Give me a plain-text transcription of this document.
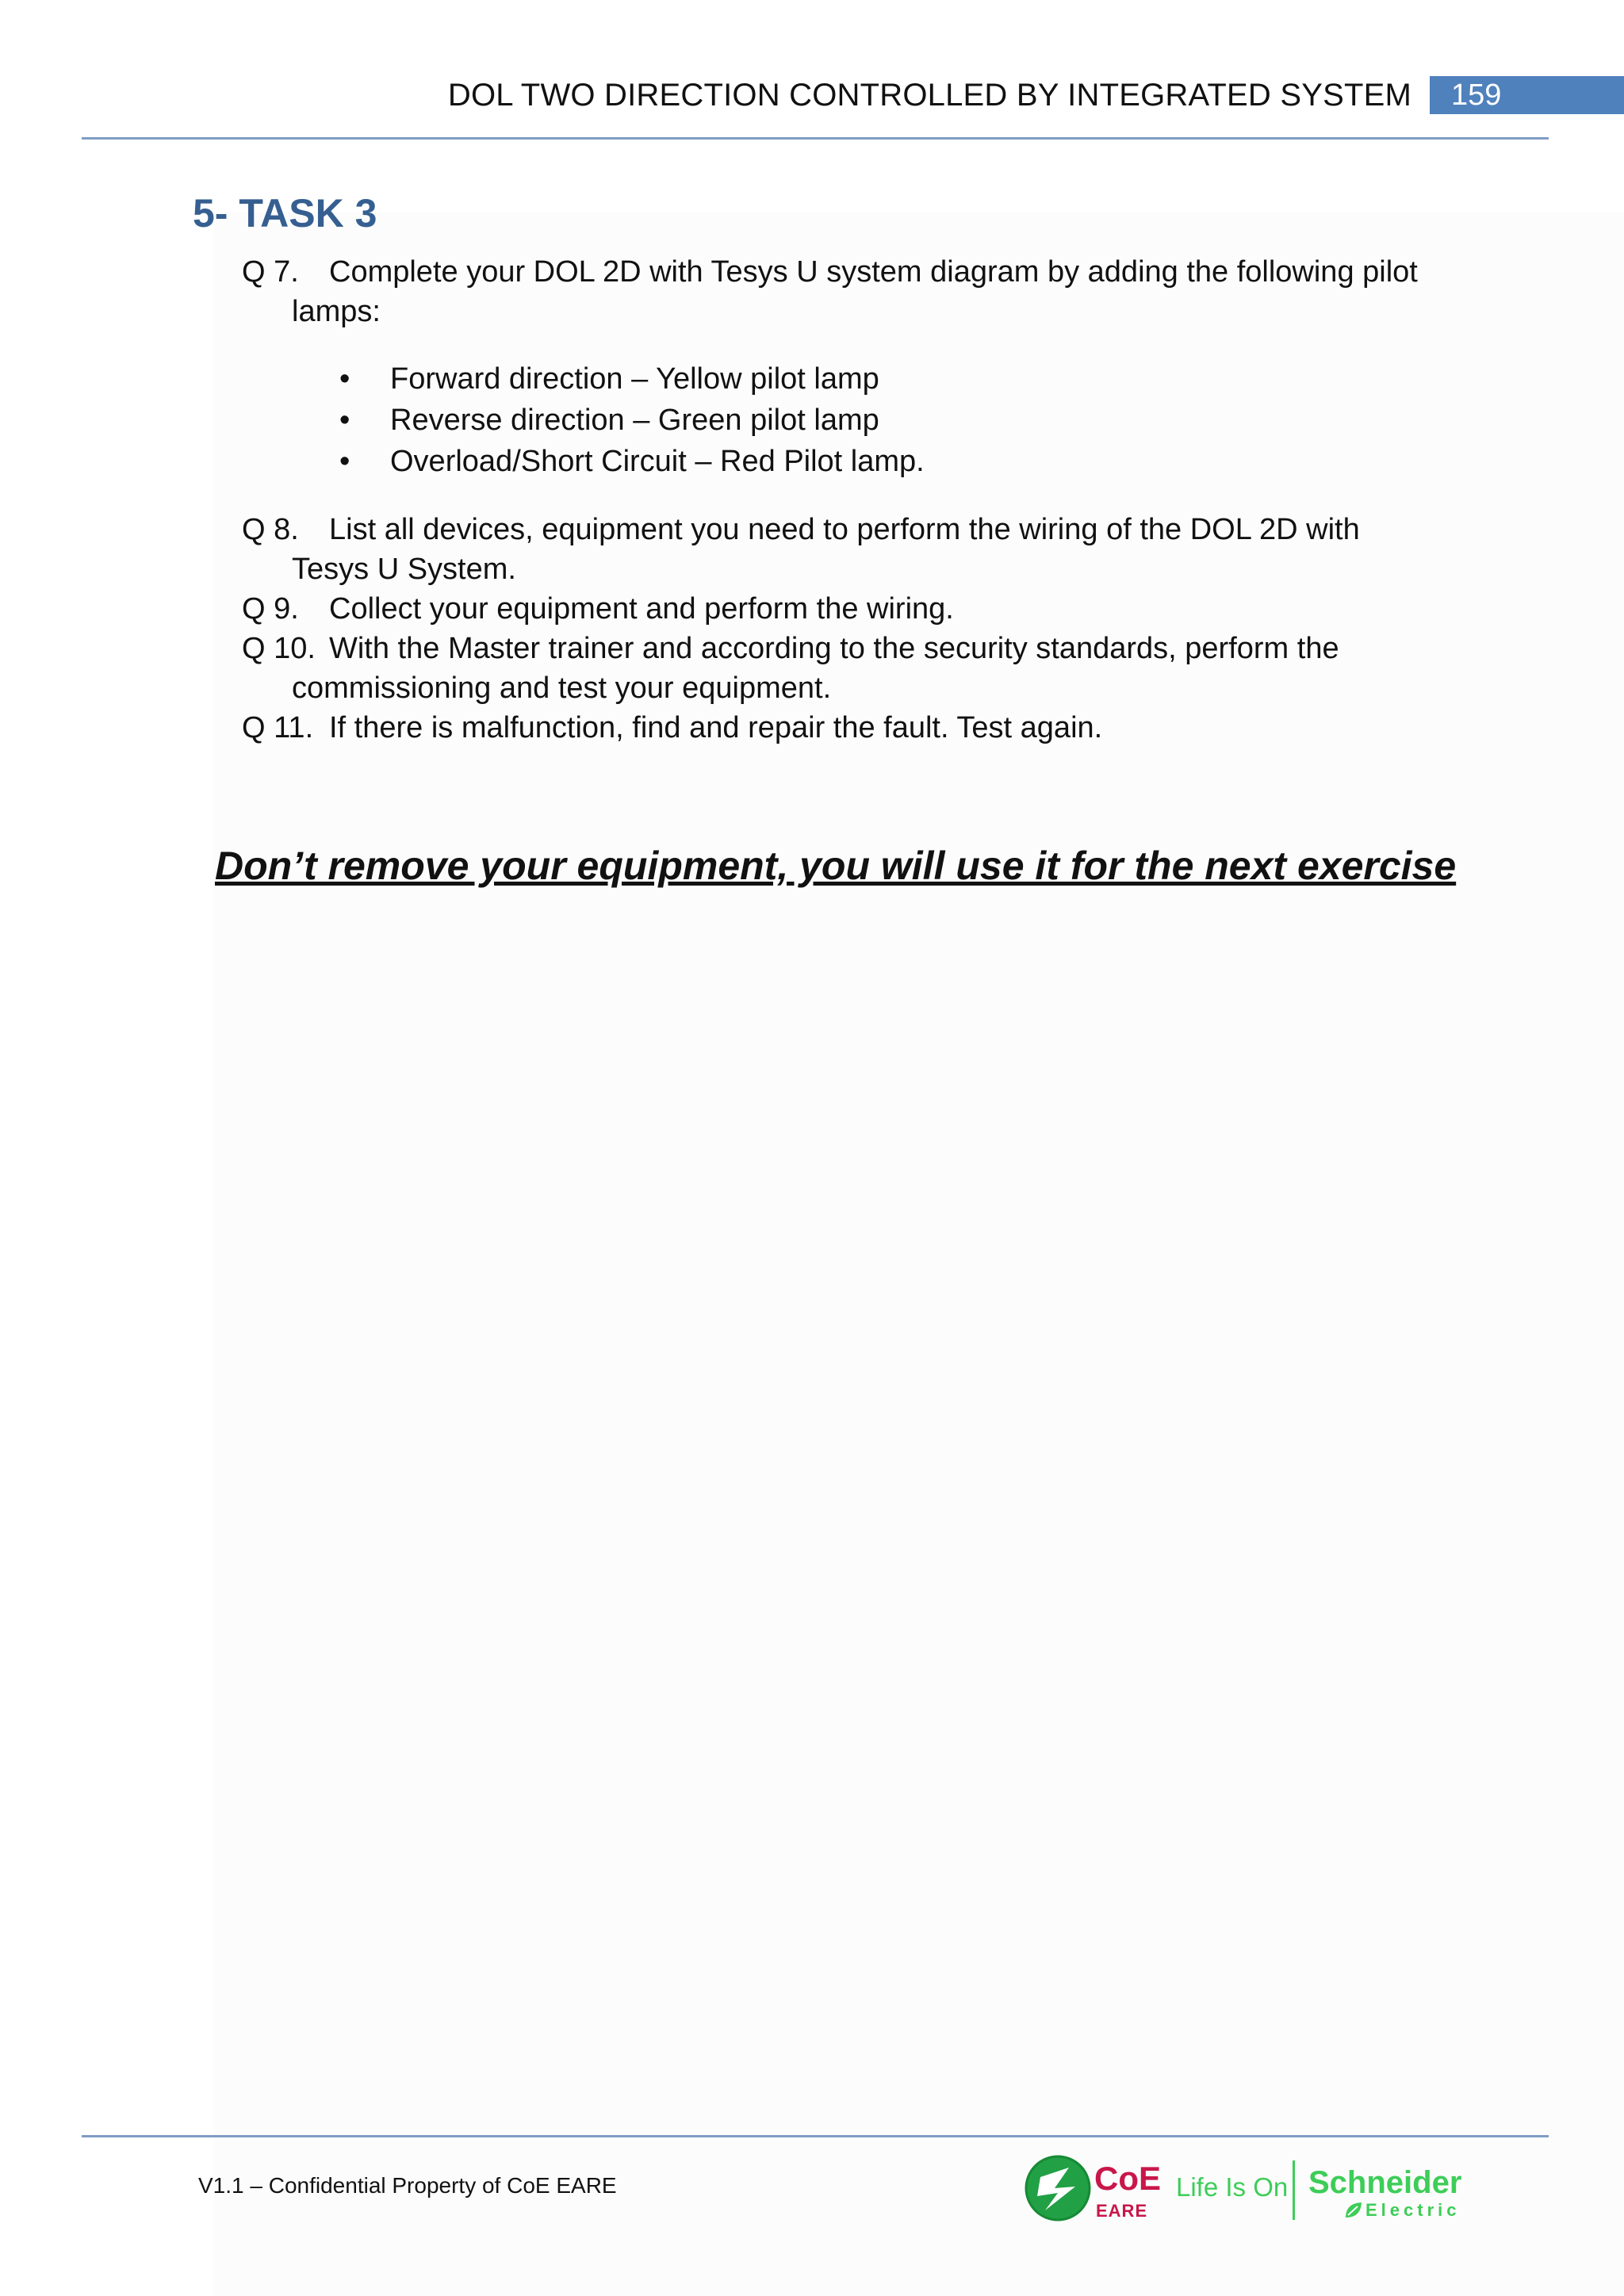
DOL TWO DIRECTION CONTROLLED BY INTEGRATED SYSTEM	159
5- TASK 3
Q 7. Complete your DOL 2D with Tesys U system diagram by adding the following pilot
lamps:
• Forward direction – Yellow pilot lamp
• Reverse direction – Green pilot lamp
• Overload/Short Circuit – Red Pilot lamp.
Q 8. List all devices, equipment you need to perform the wiring of the DOL 2D with
Tesys U System.
Q 9. Collect your equipment and perform the wiring.
Q 10. With the Master trainer and according to the security standards, perform the
commissioning and test your equipment.
Q 11. If there is malfunction, find and repair the fault. Test again.
Don’t remove your equipment, you will use it for the next exercise
V1.1 – Confidential Property of CoE EARE	CoE
EARE
Life Is On Schneider
Electric
